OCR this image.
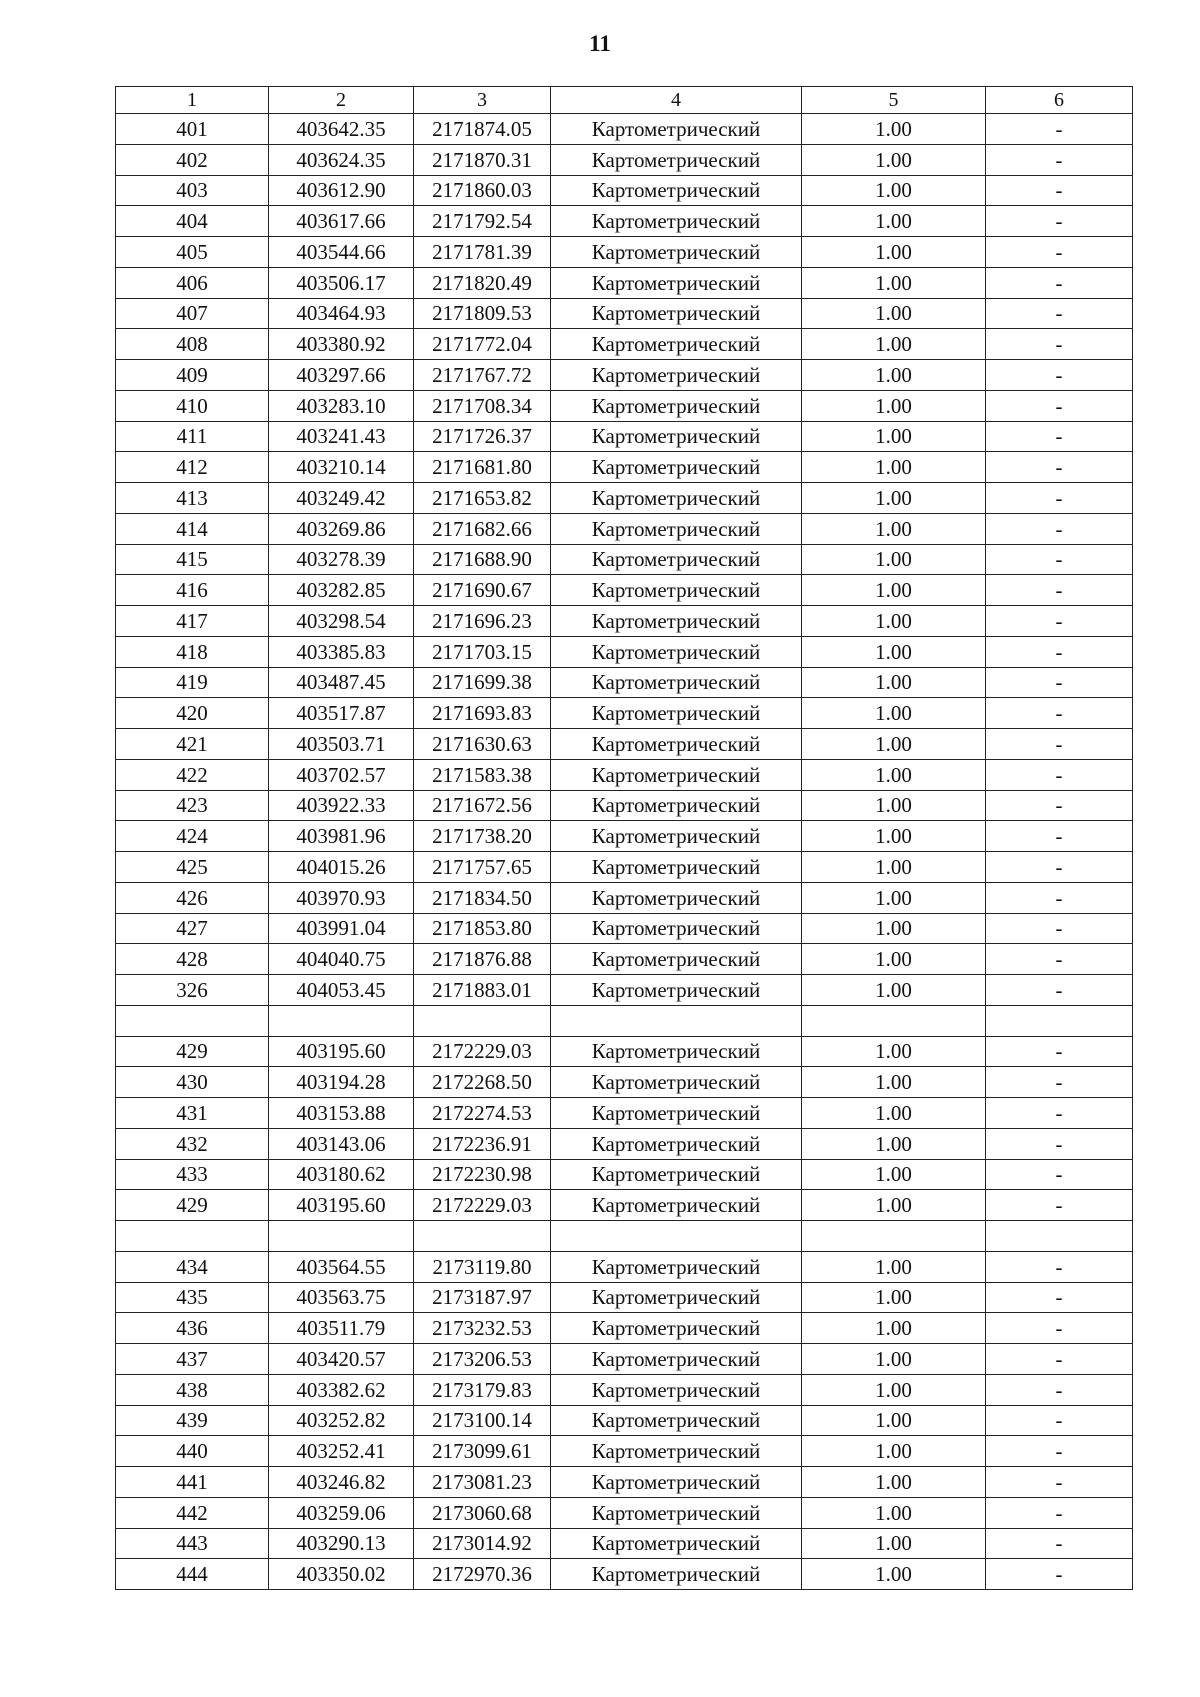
11
1	2	3	4	5	6
401	403642.35	2171874.05	Картометрический	1.00	-
402	403624.35	2171870.31	Картометрический	1.00	-
403	403612.90	2171860.03	Картометрический	1.00	-
404	403617.66	2171792.54	Картометрический	1.00	-
405	403544.66	2171781.39	Картометрический	1.00	-
406	403506.17	2171820.49	Картометрический	1.00	-
407	403464.93	2171809.53	Картометрический	1.00	-
408	403380.92	2171772.04	Картометрический	1.00	-
409	403297.66	2171767.72	Картометрический	1.00	-
410	403283.10	2171708.34	Картометрический	1.00	-
411	403241.43	2171726.37	Картометрический	1.00	-
412	403210.14	2171681.80	Картометрический	1.00	-
413	403249.42	2171653.82	Картометрический	1.00	-
414	403269.86	2171682.66	Картометрический	1.00	-
415	403278.39	2171688.90	Картометрический	1.00	-
416	403282.85	2171690.67	Картометрический	1.00	-
417	403298.54	2171696.23	Картометрический	1.00	-
418	403385.83	2171703.15	Картометрический	1.00	-
419	403487.45	2171699.38	Картометрический	1.00	-
420	403517.87	2171693.83	Картометрический	1.00	-
421	403503.71	2171630.63	Картометрический	1.00	-
422	403702.57	2171583.38	Картометрический	1.00	-
423	403922.33	2171672.56	Картометрический	1.00	-
424	403981.96	2171738.20	Картометрический	1.00	-
425	404015.26	2171757.65	Картометрический	1.00	-
426	403970.93	2171834.50	Картометрический	1.00	-
427	403991.04	2171853.80	Картометрический	1.00	-
428	404040.75	2171876.88	Картометрический	1.00	-
326	404053.45	2171883.01	Картометрический	1.00	-

429	403195.60	2172229.03	Картометрический	1.00	-
430	403194.28	2172268.50	Картометрический	1.00	-
431	403153.88	2172274.53	Картометрический	1.00	-
432	403143.06	2172236.91	Картометрический	1.00	-
433	403180.62	2172230.98	Картометрический	1.00	-
429	403195.60	2172229.03	Картометрический	1.00	-

434	403564.55	2173119.80	Картометрический	1.00	-
435	403563.75	2173187.97	Картометрический	1.00	-
436	403511.79	2173232.53	Картометрический	1.00	-
437	403420.57	2173206.53	Картометрический	1.00	-
438	403382.62	2173179.83	Картометрический	1.00	-
439	403252.82	2173100.14	Картометрический	1.00	-
440	403252.41	2173099.61	Картометрический	1.00	-
441	403246.82	2173081.23	Картометрический	1.00	-
442	403259.06	2173060.68	Картометрический	1.00	-
443	403290.13	2173014.92	Картометрический	1.00	-
444	403350.02	2172970.36	Картометрический	1.00	-
